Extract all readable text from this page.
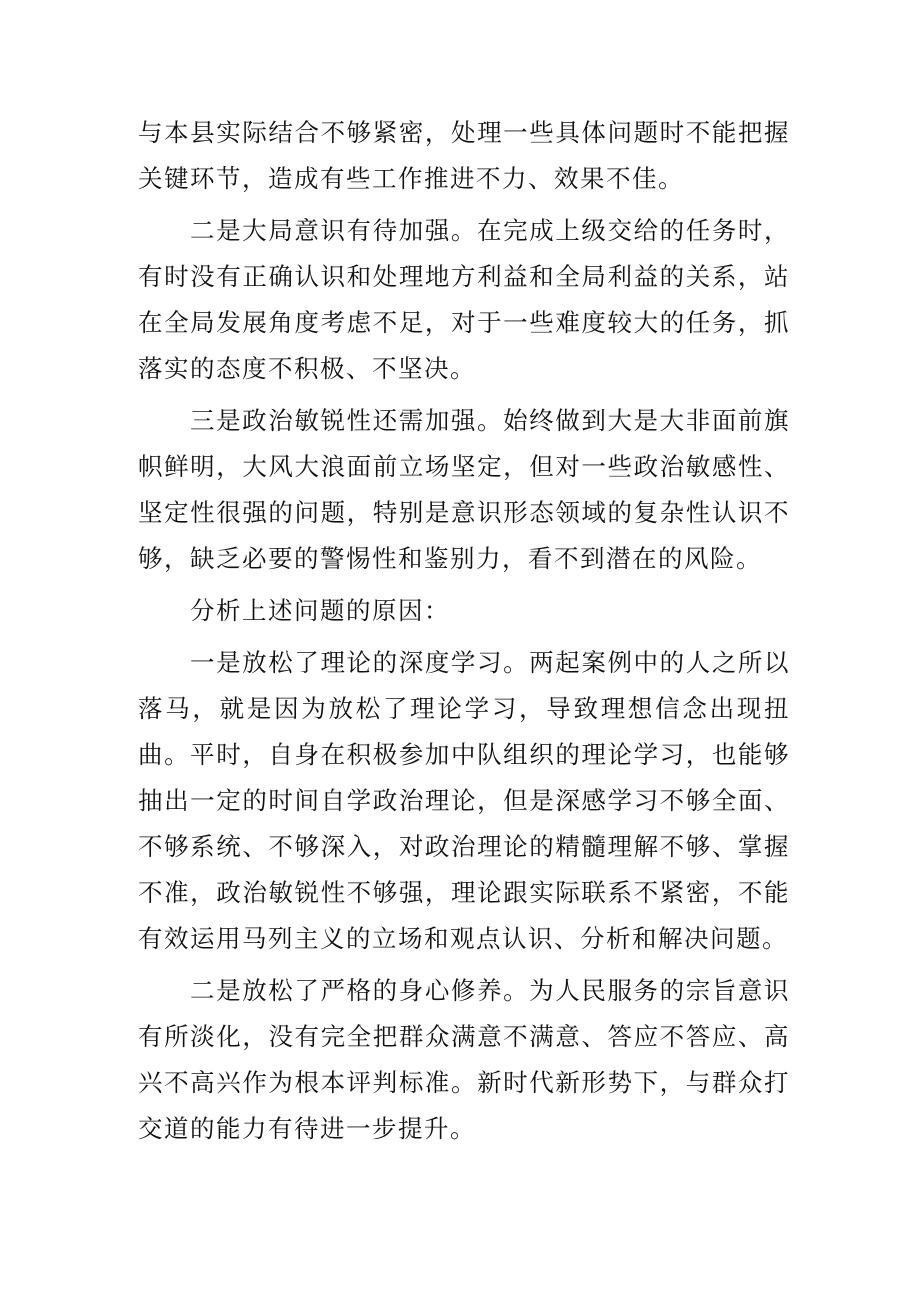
与本县实际结合不够紧密，处理一些具体问题时不能把握关键环节，造成有些工作推进不力、效果不佳。

二是大局意识有待加强。在完成上级交给的任务时，有时没有正确认识和处理地方利益和全局利益的关系，站在全局发展角度考虑不足，对于一些难度较大的任务，抓落实的态度不积极、不坚决。

三是政治敏锐性还需加强。始终做到大是大非面前旗帜鲜明，大风大浪面前立场坚定，但对一些政治敏感性、坚定性很强的问题，特别是意识形态领域的复杂性认识不够，缺乏必要的警惕性和鉴别力，看不到潜在的风险。

分析上述问题的原因：

一是放松了理论的深度学习。两起案例中的人之所以落马，就是因为放松了理论学习，导致理想信念出现扭曲。平时，自身在积极参加中队组织的理论学习，也能够抽出一定的时间自学政治理论，但是深感学习不够全面、不够系统、不够深入，对政治理论的精髓理解不够、掌握不准，政治敏锐性不够强，理论跟实际联系不紧密，不能有效运用马列主义的立场和观点认识、分析和解决问题。

二是放松了严格的身心修养。为人民服务的宗旨意识有所淡化，没有完全把群众满意不满意、答应不答应、高兴不高兴作为根本评判标准。新时代新形势下，与群众打交道的能力有待进一步提升。
